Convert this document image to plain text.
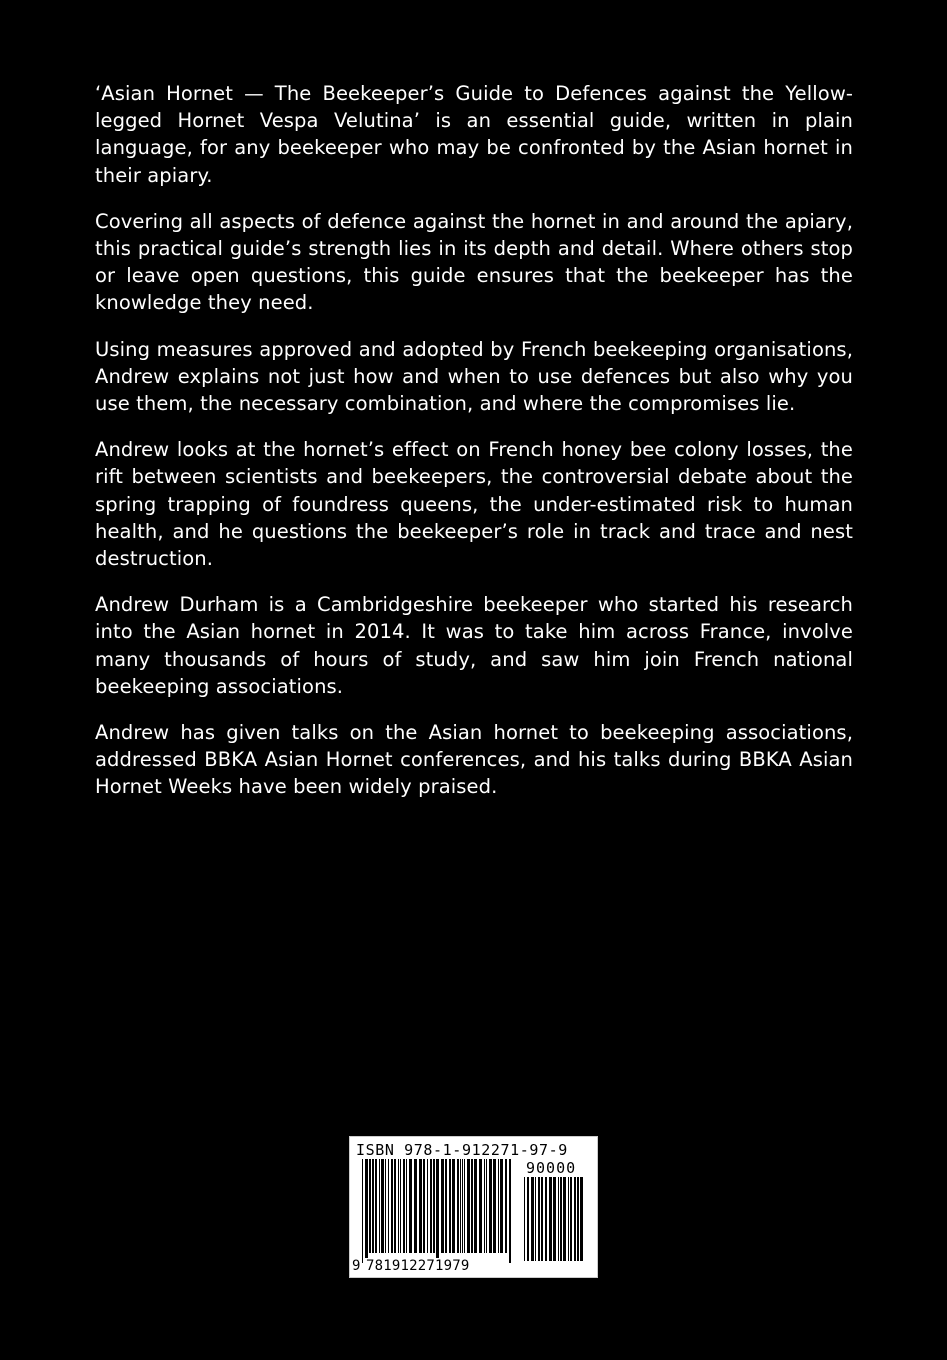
‘Asian Hornet — The Beekeeper’s Guide to Defences against the Yellow-legged Hornet Vespa Velutina’ is an essential guide, written in plain language, for any beekeeper who may be confronted by the Asian hornet in their apiary.

Covering all aspects of defence against the hornet in and around the apiary, this practical guide’s strength lies in its depth and detail. Where others stop or leave open questions, this guide ensures that the beekeeper has the knowledge they need.

Using measures approved and adopted by French beekeeping organisations, Andrew explains not just how and when to use defences but also why you use them, the necessary combination, and where the compromises lie.

Andrew looks at the hornet’s effect on French honey bee colony losses, the rift between scientists and beekeepers, the controversial debate about the spring trapping of foundress queens, the under-estimated risk to human health, and he questions the beekeeper’s role in track and trace and nest destruction.

Andrew Durham is a Cambridgeshire beekeeper who started his research into the Asian hornet in 2014. It was to take him across France, involve many thousands of hours of study, and saw him join French national beekeeping associations.

Andrew has given talks on the Asian hornet to beekeeping associations, addressed BBKA Asian Hornet conferences, and his talks during BBKA Asian Hornet Weeks have been widely praised.

ISBN 978-1-912271-97-9
90000
9 781912271979
